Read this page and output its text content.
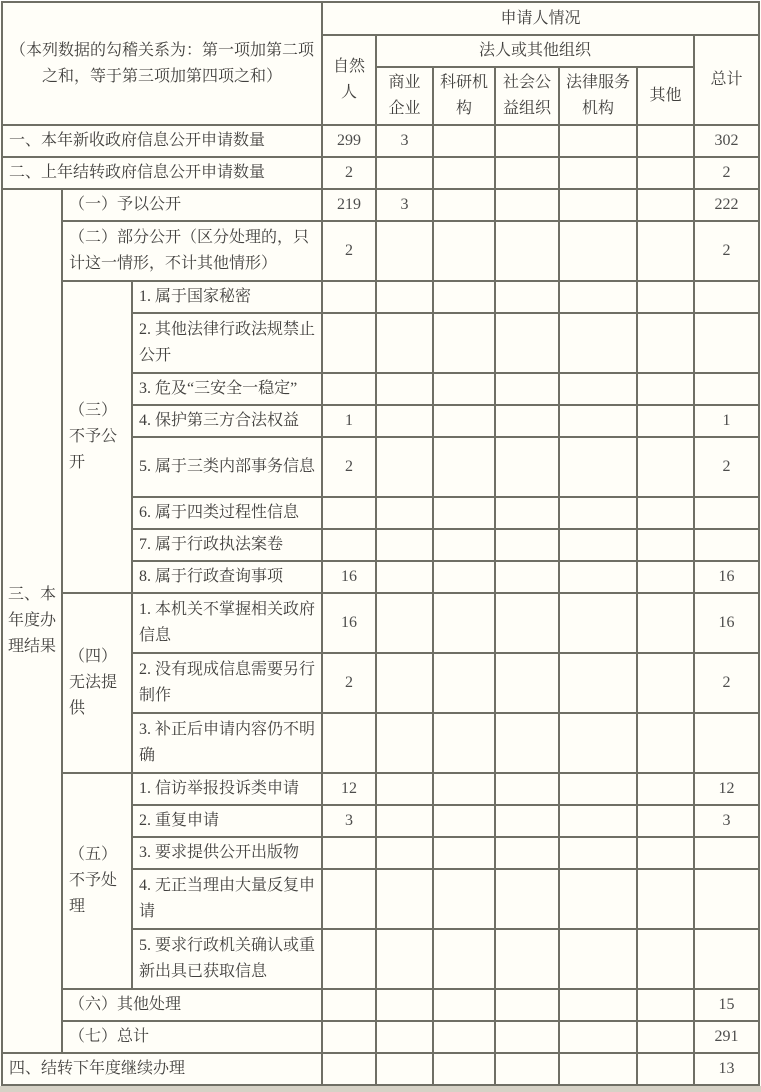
（本列数据的勾稽关系为：第一项加第二项之和，等于第三项加第四项之和）			申请人情况						
			自然人	法人或其他组织					总计
				商业企业	科研机构	社会公益组织	法律服务机构	其他	
一、本年新收政府信息公开申请数量			299	3					302
二、上年结转政府信息公开申请数量			2						2
三、本年度办理结果	（一）予以公开		219	3					222
	（二）部分公开（区分处理的，只计这一情形，不计其他情形）		2						2
	（三）不予公开	1. 属于国家秘密							
		2. 其他法律行政法规禁止公开							
		3. 危及“三安全一稳定”							
		4. 保护第三方合法权益	1						1
		5. 属于三类内部事务信息	2						2
		6. 属于四类过程性信息							
		7. 属于行政执法案卷							
		8. 属于行政查询事项	16						16
	（四）无法提供	1. 本机关不掌握相关政府信息	16						16
		2. 没有现成信息需要另行制作	2						2
		3. 补正后申请内容仍不明确							
	（五）不予处理	1. 信访举报投诉类申请	12						12
		2. 重复申请	3						3
		3. 要求提供公开出版物							
		4. 无正当理由大量反复申请							
		5. 要求行政机关确认或重新出具已获取信息							
	（六）其他处理								15
	（七）总计								291
四、结转下年度继续办理									13
